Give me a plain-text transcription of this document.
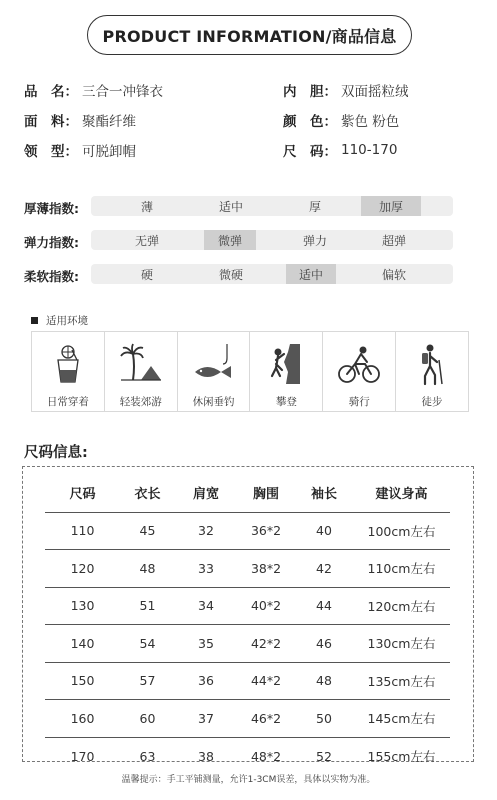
PRODUCT INFORMATION/商品信息
品　名： 三合一冲锋衣	内　胆： 双面摇粒绒
面　料： 聚酯纤维	颜　色： 紫色 粉色
领　型： 可脱卸帽	尺　码： 110-170
厚薄指数:	薄	适中	厚	加厚
弹力指数:	无弹	微弹	弹力	超弹
柔软指数:	硬	微硬	适中	偏软
适用环境
日常穿着	轻装郊游	休闲垂钓	攀登	骑行	徒步
尺码信息:
尺码	衣长	肩宽	胸围	袖长	建议身高
110	45	32	36*2	40	100cm左右
120	48	33	38*2	42	110cm左右
130	51	34	40*2	44	120cm左右
140	54	35	42*2	46	130cm左右
150	57	36	44*2	48	135cm左右
160	60	37	46*2	50	145cm左右
170	63	38	48*2	52	155cm左右
温馨提示：手工平铺测量，允许1-3CM误差，具体以实物为准。
